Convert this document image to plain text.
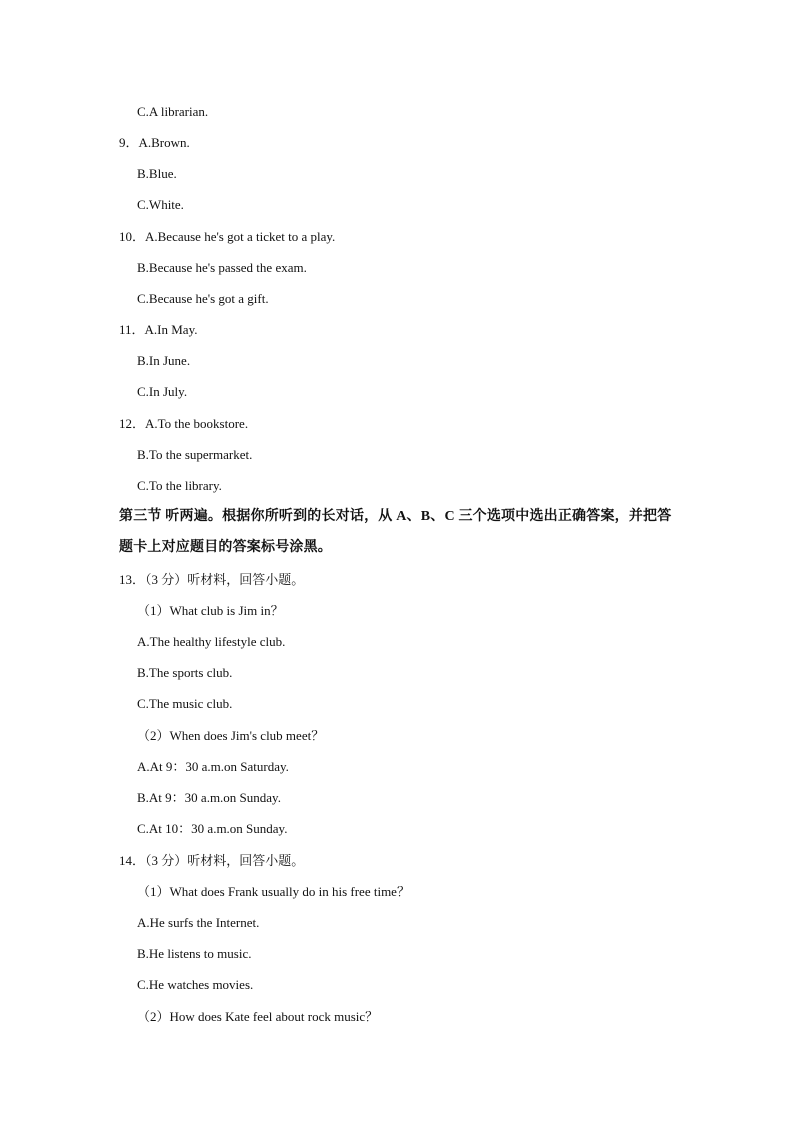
C.A librarian.
9．A.Brown.
B.Blue.
C.White.
10．A.Because he's got a ticket to a play.
B.Because he's passed the exam.
C.Because he's got a gift.
11．A.In May.
B.In June.
C.In July.
12．A.To the bookstore.
B.To the supermarket.
C.To the library.
第三节 听两遍。根据你所听到的长对话，从 A、B、C 三个选项中选出正确答案，并把答
题卡上对应题目的答案标号涂黑。
13．（3 分）听材料，回答小题。
（1）What club is Jim in？
A.The healthy lifestyle club.
B.The sports club.
C.The music club.
（2）When does Jim's club meet？
A.At 9：30 a.m.on Saturday.
B.At 9：30 a.m.on Sunday.
C.At 10：30 a.m.on Sunday.
14．（3 分）听材料，回答小题。
（1）What does Frank usually do in his free time？
A.He surfs the Internet.
B.He listens to music.
C.He watches movies.
（2）How does Kate feel about rock music？
